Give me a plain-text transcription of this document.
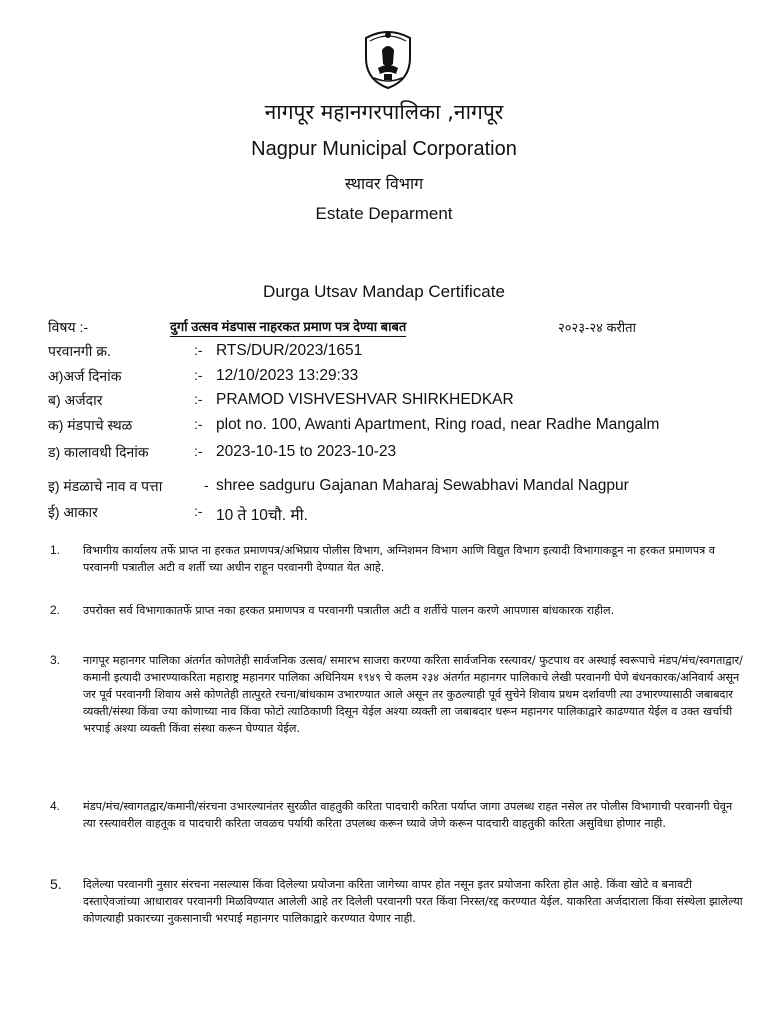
नागपूर महानगरपालिका ,नागपूर
Nagpur Municipal Corporation
स्थावर विभाग
Estate Deparment
Durga Utsav Mandap Certificate
विषय :-	दुर्गा उत्सव मंडपास नाहरकत प्रमाण पत्र देण्या बाबत	२०२३-२४ करीता
परवानगी क्र.	:- RTS/DUR/2023/1651
अ)अर्ज दिनांक	:- 12/10/2023 13:29:33
ब) अर्जदार	:- PRAMOD VISHVESHVAR SHIRKHEDKAR
क) मंडपाचे स्थळ	:- plot no. 100, Awanti Apartment, Ring road, near Radhe Mangalm
ड) कालावधी दिनांक	:- 2023-10-15 to 2023-10-23
इ) मंडळाचे नाव व पत्ता	- shree sadguru Gajanan Maharaj Sewabhavi Mandal Nagpur
ई) आकार	:- 10 ते 10चौ. मी.
1. विभागीय कार्यालय तर्फे प्राप्त ना हरकत प्रमाणपत्र/अभिप्राय पोलीस विभाग, अग्निशमन विभाग आणि विद्युत विभाग इत्यादी विभागाकडून ना हरकत प्रमाणपत्र व परवानगी पत्रातील अटी व शर्ती च्या अधीन राहून परवानगी देण्यात येत आहे.
2. उपरोक्त सर्व विभागाकातर्फे प्राप्त नका हरकत प्रमाणपत्र व परवानगी पत्रातील अटी व शर्तीचे पालन करणे आपणास बांधकारक राहील.
3. नागपूर महानगर पालिका अंतर्गत कोणतेही सार्वजनिक उत्सव/ समारभ साजरा करण्या करिता सार्वजनिक रस्त्यावर/ फुटपाथ वर अस्थाई स्वरूपाचे मंडप/मंच/स्वगताद्वार/कमानी इत्यादी उभारण्याकरिता महाराष्ट्र महानगर पालिका अधिनियम १९४९ चे कलम २३४ अंतर्गत महानगर पालिकाचे लेखी परवानगी घेणे बंधनकारक/अनिवार्य असून जर पूर्व परवानगी शिवाय असे कोणतेही तात्पुरते रचना/बांधकाम उभारण्यात आले असून तर कुठल्याही पूर्व सुचेने शिवाय प्रथम दर्शावणी त्या उभारण्यासाठी जबाबदार व्यक्ती/संस्था किंवा ज्या कोणाच्या नाव किंवा फोटो त्याठिकाणी दिसून येईल अश्या व्यक्ती ला जबाबदार धरून महानगर पालिकाद्वारे काढण्यात येईल व उक्त खर्चाची भरपाई अश्या व्यक्ती किंवा संस्था करून घेण्यात येईल.
4. मंडप/मंच/स्वागतद्वार/कमानी/संरचना उभारल्यानंतर सुरळीत वाहतुकी करिता पादचारी करिता पर्याप्त जागा उपलब्ध राहत नसेल तर पोलीस विभागाची परवानगी घेवून त्या रस्त्यावरील वाहतूक व पादचारी करिता जवळच पर्यायी करिता उपलब्ध करून घ्यावे जेणे करून पादचारी वाहतुकी करिता असुविधा होणार नाही.
5. दिलेल्या परवानगी नुसार संरचना नसल्यास किंवा दिलेल्या प्रयोजना करिता जागेच्या वापर होत नसून इतर प्रयोजना करिता होत आहे. किंवा खोटे व बनावटी दस्ताऐवजांच्या आधारावर परवानगी मिळविण्यात आलेली आहे तर दिलेली परवानगी परत किंवा निरस्त/रद्द करण्यात येईल. याकरिता अर्जदाराला किंवा संस्थेला झालेल्या कोणत्याही प्रकारच्या नुकसानाची भरपाई महानगर पालिकाद्वारे करण्यात येणार नाही.
